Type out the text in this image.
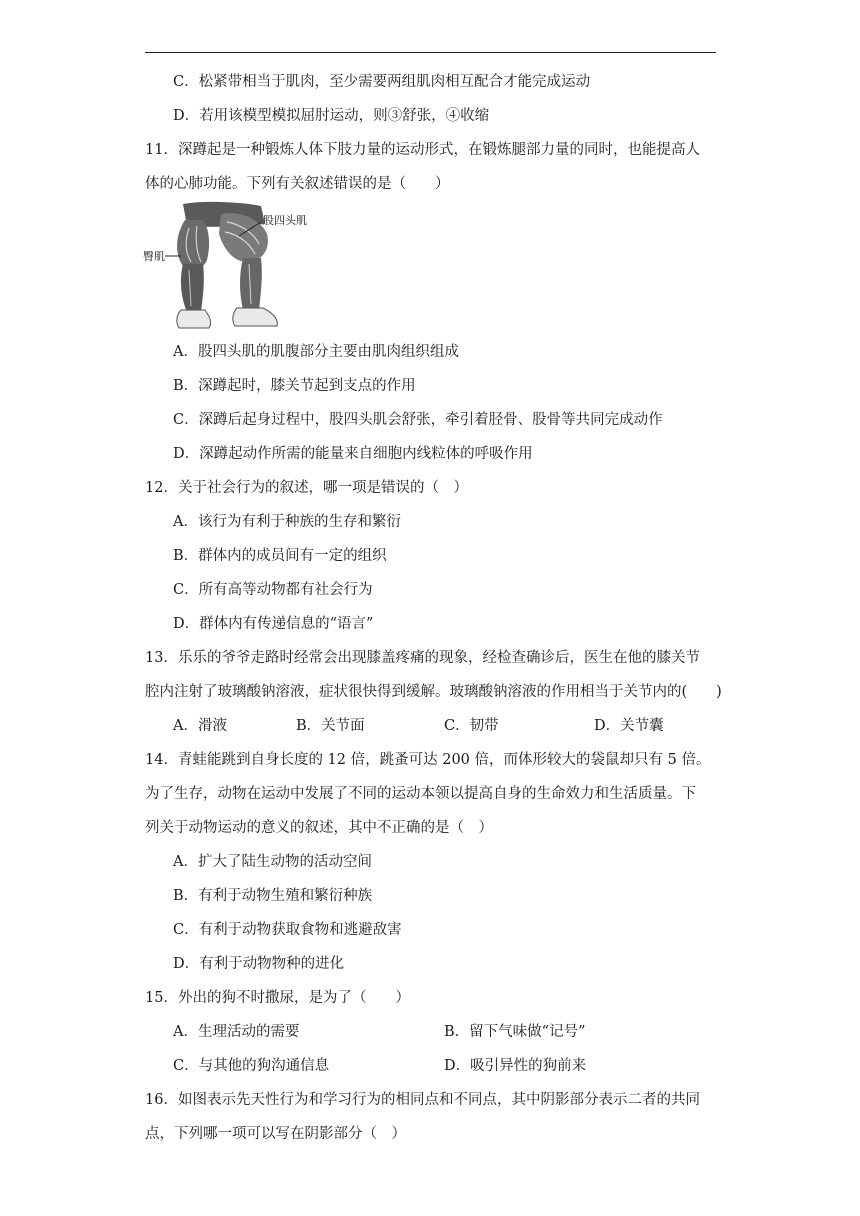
C．松紧带相当于肌肉，至少需要两组肌肉相互配合才能完成运动
D．若用该模型模拟屈肘运动，则③舒张，④收缩
11．深蹲起是一种锻炼人体下肢力量的运动形式，在锻炼腿部力量的同时，也能提高人
体的心肺功能。下列有关叙述错误的是（　　）
股四头肌
臀肌
A．股四头肌的肌腹部分主要由肌肉组织组成
B．深蹲起时，膝关节起到支点的作用
C．深蹲后起身过程中，股四头肌会舒张，牵引着胫骨、股骨等共同完成动作
D．深蹲起动作所需的能量来自细胞内线粒体的呼吸作用
12．关于社会行为的叙述，哪一项是错误的（　）
A．该行为有利于种族的生存和繁衍
B．群体内的成员间有一定的组织
C．所有高等动物都有社会行为
D．群体内有传递信息的“语言”
13．乐乐的爷爷走路时经常会出现膝盖疼痛的现象，经检查确诊后，医生在他的膝关节
腔内注射了玻璃酸钠溶液，症状很快得到缓解。玻璃酸钠溶液的作用相当于关节内的(　　)
A．滑液	B．关节面	C．韧带	D．关节囊
14．青蛙能跳到自身长度的 12 倍，跳蚤可达 200 倍，而体形较大的袋鼠却只有 5 倍。
为了生存，动物在运动中发展了不同的运动本领以提高自身的生命效力和生活质量。下
列关于动物运动的意义的叙述，其中不正确的是（　）
A．扩大了陆生动物的活动空间
B．有利于动物生殖和繁衍种族
C．有利于动物获取食物和逃避敌害
D．有利于动物物种的进化
15．外出的狗不时撒尿，是为了（　　）
A．生理活动的需要	B．留下气味做“记号”
C．与其他的狗沟通信息	D．吸引异性的狗前来
16．如图表示先天性行为和学习行为的相同点和不同点，其中阴影部分表示二者的共同
点，下列哪一项可以写在阴影部分（　）
